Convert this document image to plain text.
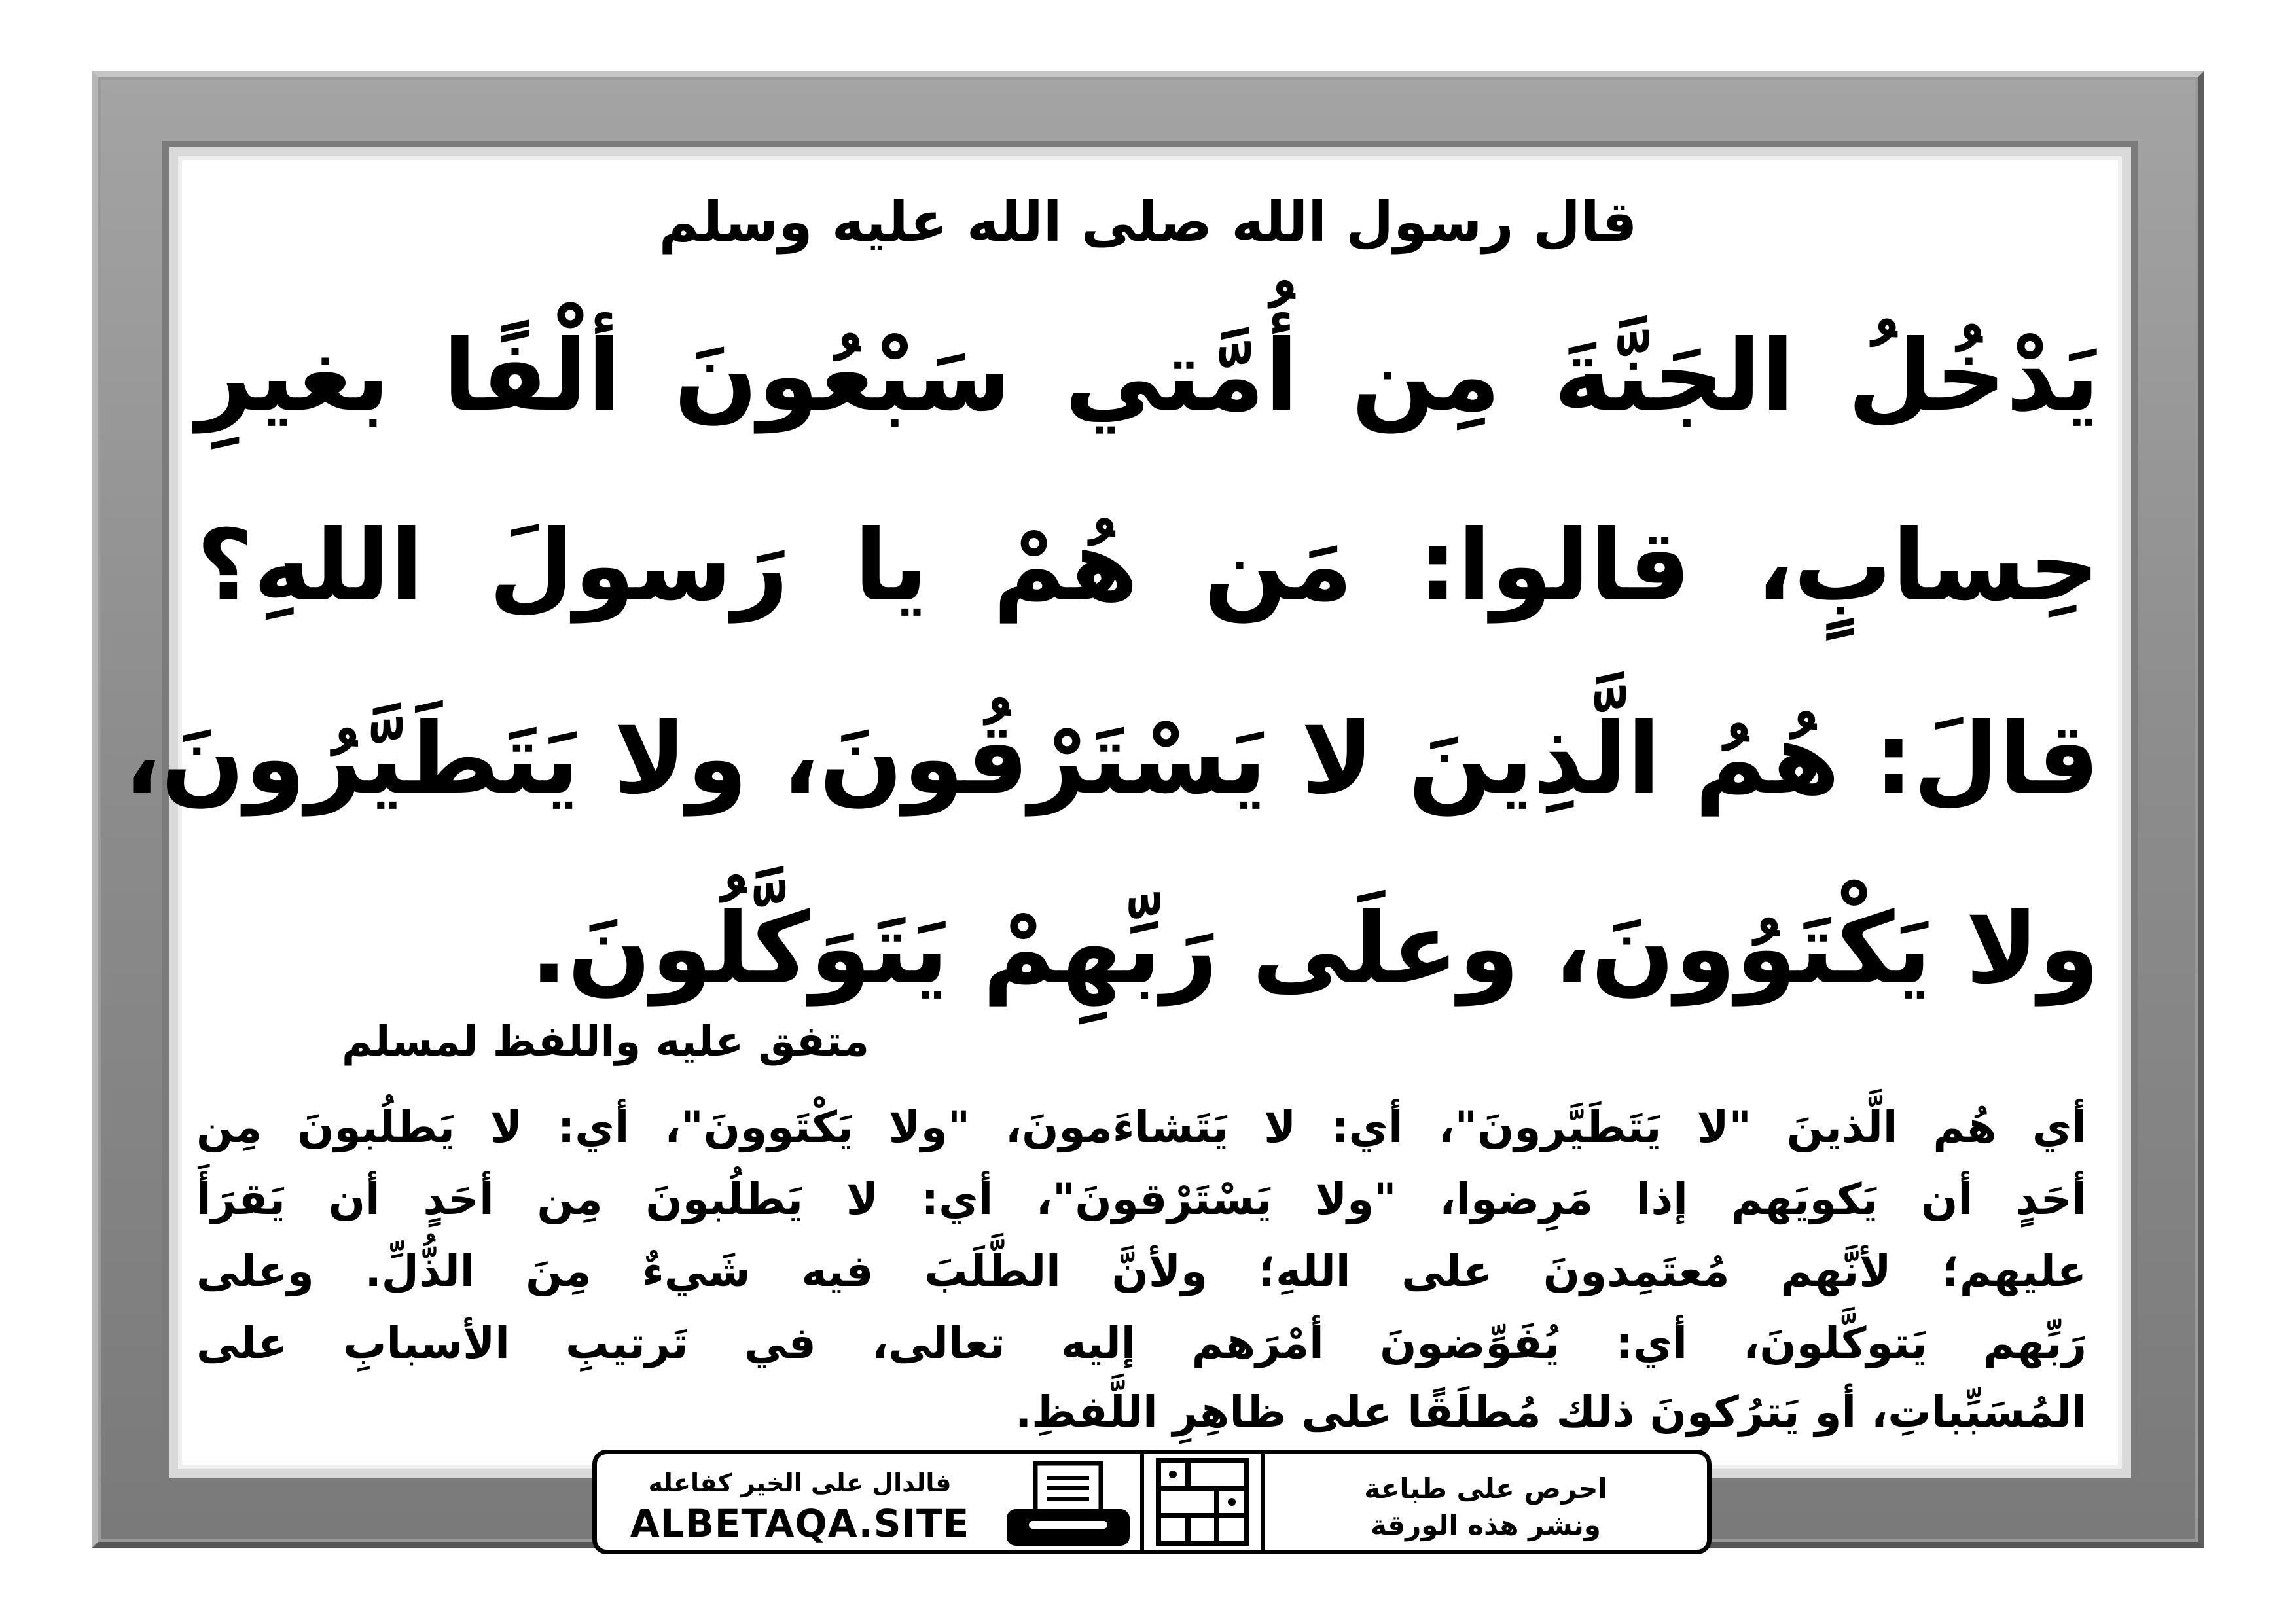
قال رسول الله صلى الله عليه وسلم
يَدْخُلُ الجَنَّةَ مِن أُمَّتي سَبْعُونَ ألْفًا بغيرِ
حِسابٍ، قالوا: مَن هُمْ يا رَسولَ اللهِ؟
قالَ: هُمُ الَّذِينَ لا يَسْتَرْقُونَ، ولا يَتَطَيَّرُونَ،
ولا يَكْتَوُونَ، وعلَى رَبِّهِمْ يَتَوَكَّلُونَ.
متفق عليه واللفظ لمسلم
أي هُم الَّذينَ "لا يَتَطَيَّرونَ"، أي: لا يَتَشاءَمونَ، "ولا يَكْتَوونَ"، أي: لا يَطلُبونَ مِن
أحَدٍ أن يَكويَهم إذا مَرِضوا، "ولا يَسْتَرْقونَ"، أي: لا يَطلُبونَ مِن أحَدٍ أن يَقرَأَ
عليهم؛ لأنَّهم مُعتَمِدونَ على اللهِ؛ ولأنَّ الطَّلَبَ فيه شَيءٌ مِنَ الذُّلِّ. وعلى
رَبِّهم يَتوكَّلونَ، أي: يُفَوِّضونَ أمْرَهم إليه تعالى، في تَرتيبِ الأسبابِ على
المُسَبِّباتِ، أو يَترُكونَ ذلك مُطلَقًا على ظاهِرِ اللَّفظِ.
فالدال على الخير كفاعله
ALBETAQA.SITE
احرص على طباعة
ونشر هذه الورقة
